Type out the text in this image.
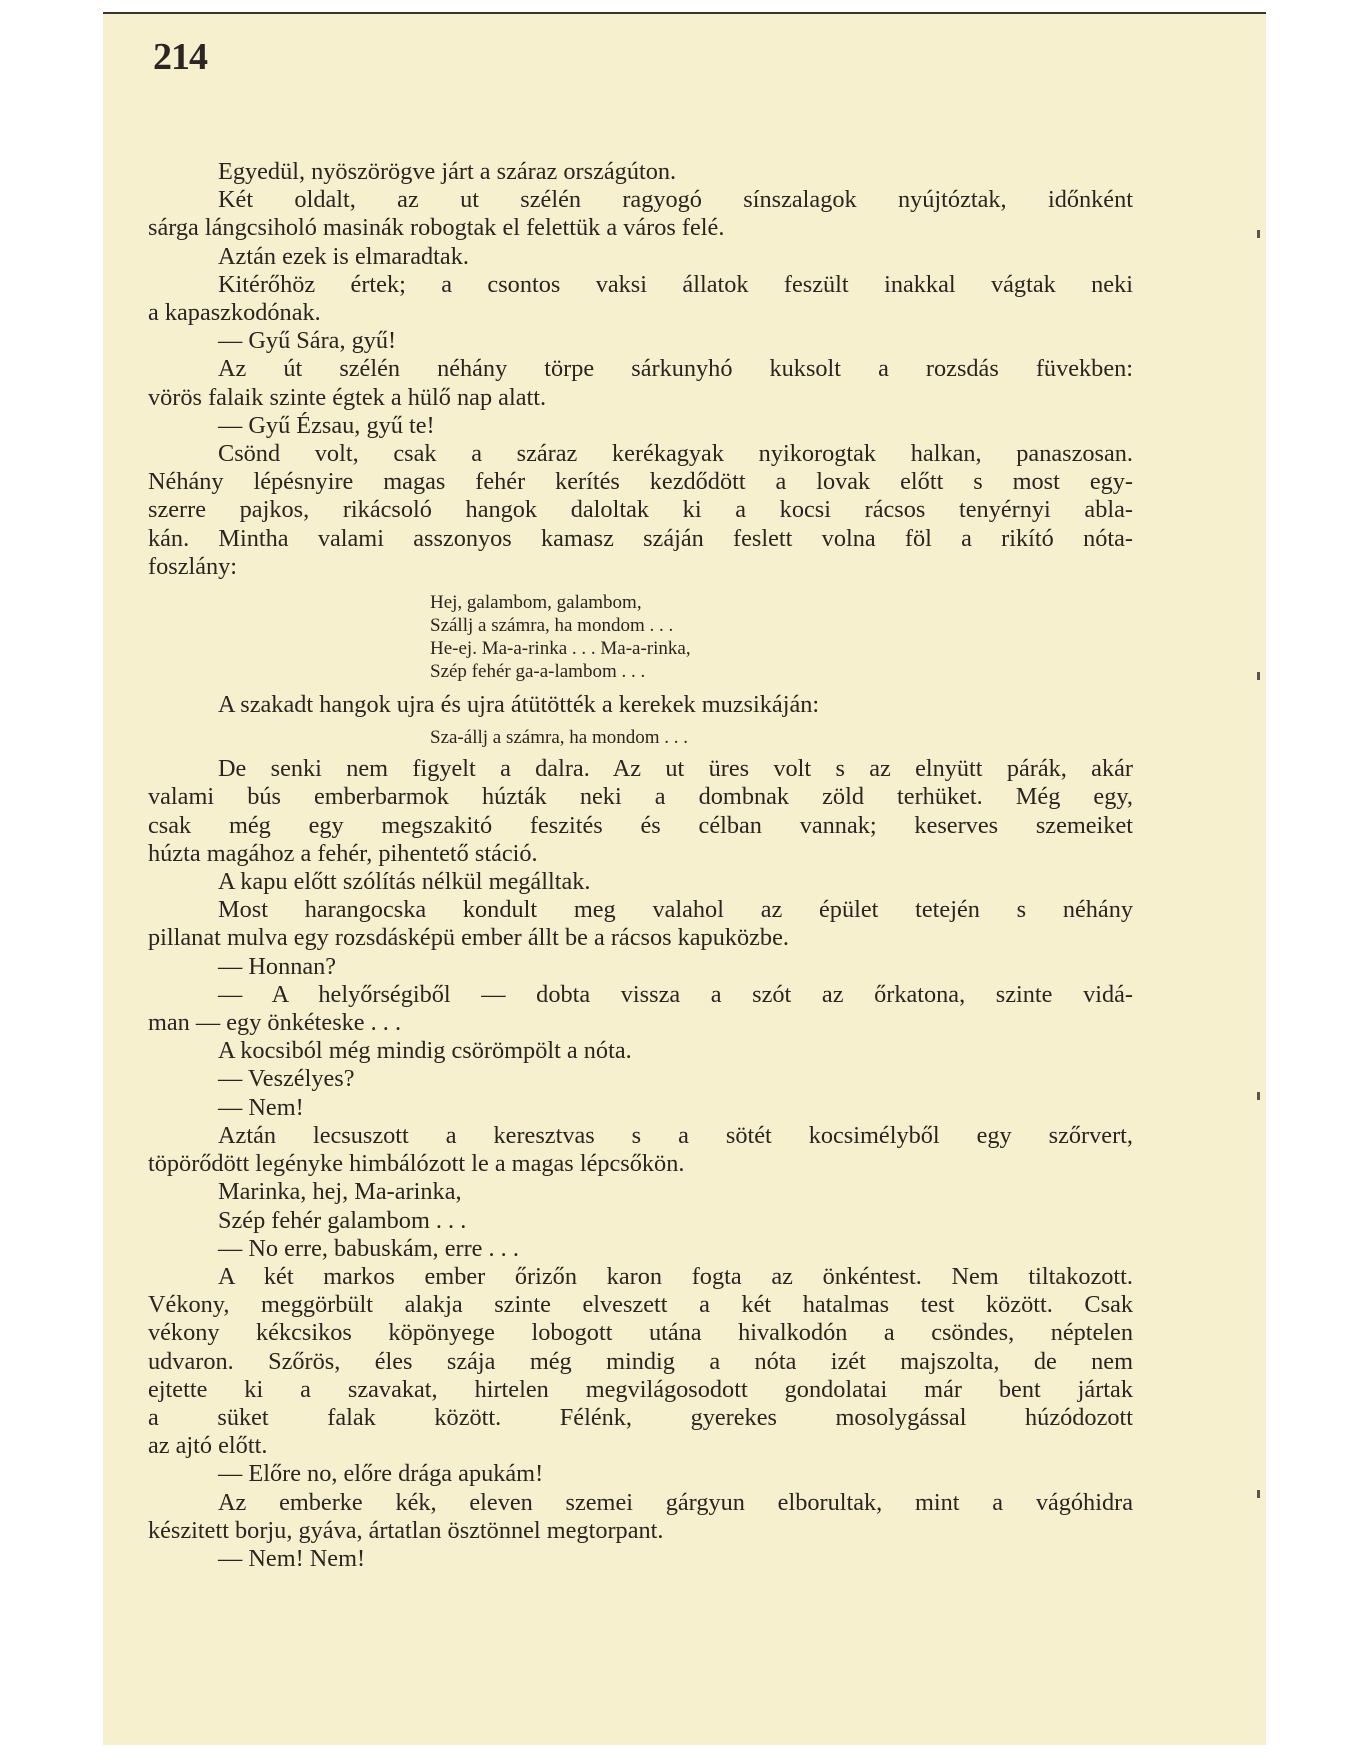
214
Egyedül, nyöszörögve járt a száraz országúton.
Két oldalt, az ut szélén ragyogó sínszalagok nyújtóztak, időnként
sárga lángcsiholó masinák robogtak el felettük a város felé.
Aztán ezek is elmaradtak.
Kitérőhöz értek; a csontos vaksi állatok feszült inakkal vágtak neki
a kapaszkodónak.
— Gyű Sára, gyű!
Az út szélén néhány törpe sárkunyhó kuksolt a rozsdás füvekben:
vörös falaik szinte égtek a hülő nap alatt.
— Gyű Ézsau, gyű te!
Csönd volt, csak a száraz kerékagyak nyikorogtak halkan, panaszosan.
Néhány lépésnyire magas fehér kerítés kezdődött a lovak előtt s most egy-
szerre pajkos, rikácsoló hangok daloltak ki a kocsi rácsos tenyérnyi abla-
kán. Mintha valami asszonyos kamasz száján feslett volna föl a rikító nóta-
foszlány:
Hej, galambom, galambom,
Szállj a számra, ha mondom . . .
He-ej. Ma-a-rinka . . . Ma-a-rinka,
Szép fehér ga-a-lambom . . .
A szakadt hangok ujra és ujra átütötték a kerekek muzsikáján:
Sza-állj a számra, ha mondom . . .
De senki nem figyelt a dalra. Az ut üres volt s az elnyütt párák, akár
valami bús emberbarmok húzták neki a dombnak zöld terhüket. Még egy,
csak még egy megszakitó feszités és célban vannak; keserves szemeiket
húzta magához a fehér, pihentető stáció.
A kapu előtt szólítás nélkül megálltak.
Most harangocska kondult meg valahol az épület tetején s néhány
pillanat mulva egy rozsdásképü ember állt be a rácsos kapuközbe.
— Honnan?
— A helyőrségiből — dobta vissza a szót az őrkatona, szinte vidá-
man — egy önkéteske . . .
A kocsiból még mindig csörömpölt a nóta.
— Veszélyes?
— Nem!
Aztán lecsuszott a keresztvas s a sötét kocsimélyből egy szőrvert,
töpörődött legényke himbálózott le a magas lépcsőkön.
Marinka, hej, Ma-arinka,
Szép fehér galambom . . .
— No erre, babuskám, erre . . .
A két markos ember őrizőn karon fogta az önkéntest. Nem tiltakozott.
Vékony, meggörbült alakja szinte elveszett a két hatalmas test között. Csak
vékony kékcsikos köpönyege lobogott utána hivalkodón a csöndes, néptelen
udvaron. Szőrös, éles szája még mindig a nóta izét majszolta, de nem
ejtette ki a szavakat, hirtelen megvilágosodott gondolatai már bent jártak
a süket falak között. Félénk, gyerekes mosolygással húzódozott
az ajtó előtt.
— Előre no, előre drága apukám!
Az emberke kék, eleven szemei gárgyun elborultak, mint a vágóhidra
készitett borju, gyáva, ártatlan ösztönnel megtorpant.
— Nem! Nem!
